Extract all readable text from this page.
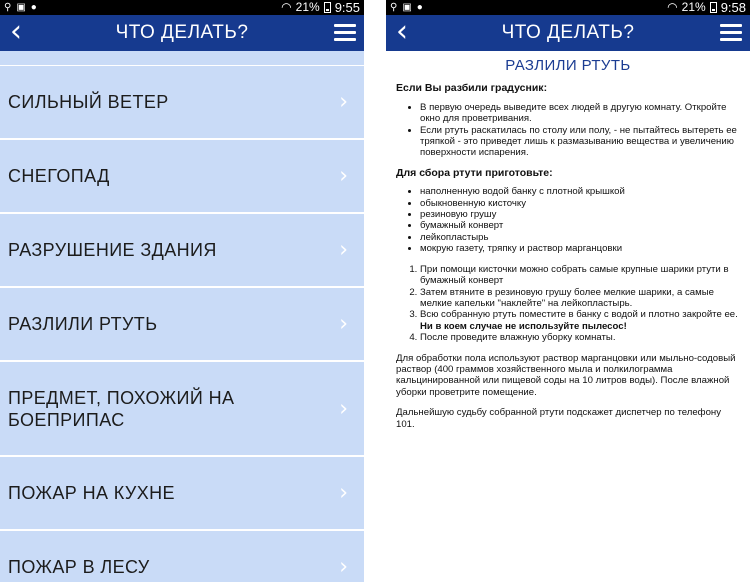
⚲ ▣ ●	◠ 21% 9:55
‹	ЧТО ДЕЛАТЬ?
СИЛЬНЫЙ ВЕТЕР	›
СНЕГОПАД	›
РАЗРУШЕНИЕ ЗДАНИЯ	›
РАЗЛИЛИ РТУТЬ	›
ПРЕДМЕТ, ПОХОЖИЙ НА БОЕПРИПАС	›
ПОЖАР НА КУХНЕ	›
ПОЖАР В ЛЕСУ	›
⚲ ▣ ●	◠ 21% 9:58
‹	ЧТО ДЕЛАТЬ?
РАЗЛИЛИ РТУТЬ
Если Вы разбили градусник:
• В первую очередь выведите всех людей в другую комнату. Откройте окно для проветривания.
• Если ртуть раскатилась по столу или полу, - не пытайтесь вытереть ее тряпкой - это приведет лишь к размазыванию вещества и увеличению поверхности испарения.
Для сбора ртути приготовьте:
• наполненную водой банку с плотной крышкой
• обыкновенную кисточку
• резиновую грушу
• бумажный конверт
• лейкопластырь
• мокрую газету, тряпку и раствор марганцовки
1. При помощи кисточки можно собрать самые крупные шарики ртути в бумажный конверт
2. Затем втяните в резиновую грушу более мелкие шарики, а самые мелкие капельки "наклейте" на лейкопластырь.
3. Всю собранную ртуть поместите в банку с водой и плотно закройте ее. Ни в коем случае не используйте пылесос!
4. После проведите влажную уборку комнаты.

Для обработки пола используют раствор марганцовки или мыльно-содовый раствор (400 граммов хозяйственного мыла и полкилограмма кальцинированной или пищевой соды на 10 литров воды). После влажной уборки проветрите помещение.

Дальнейшую судьбу собранной ртути подскажет диспетчер по телефону 101.
